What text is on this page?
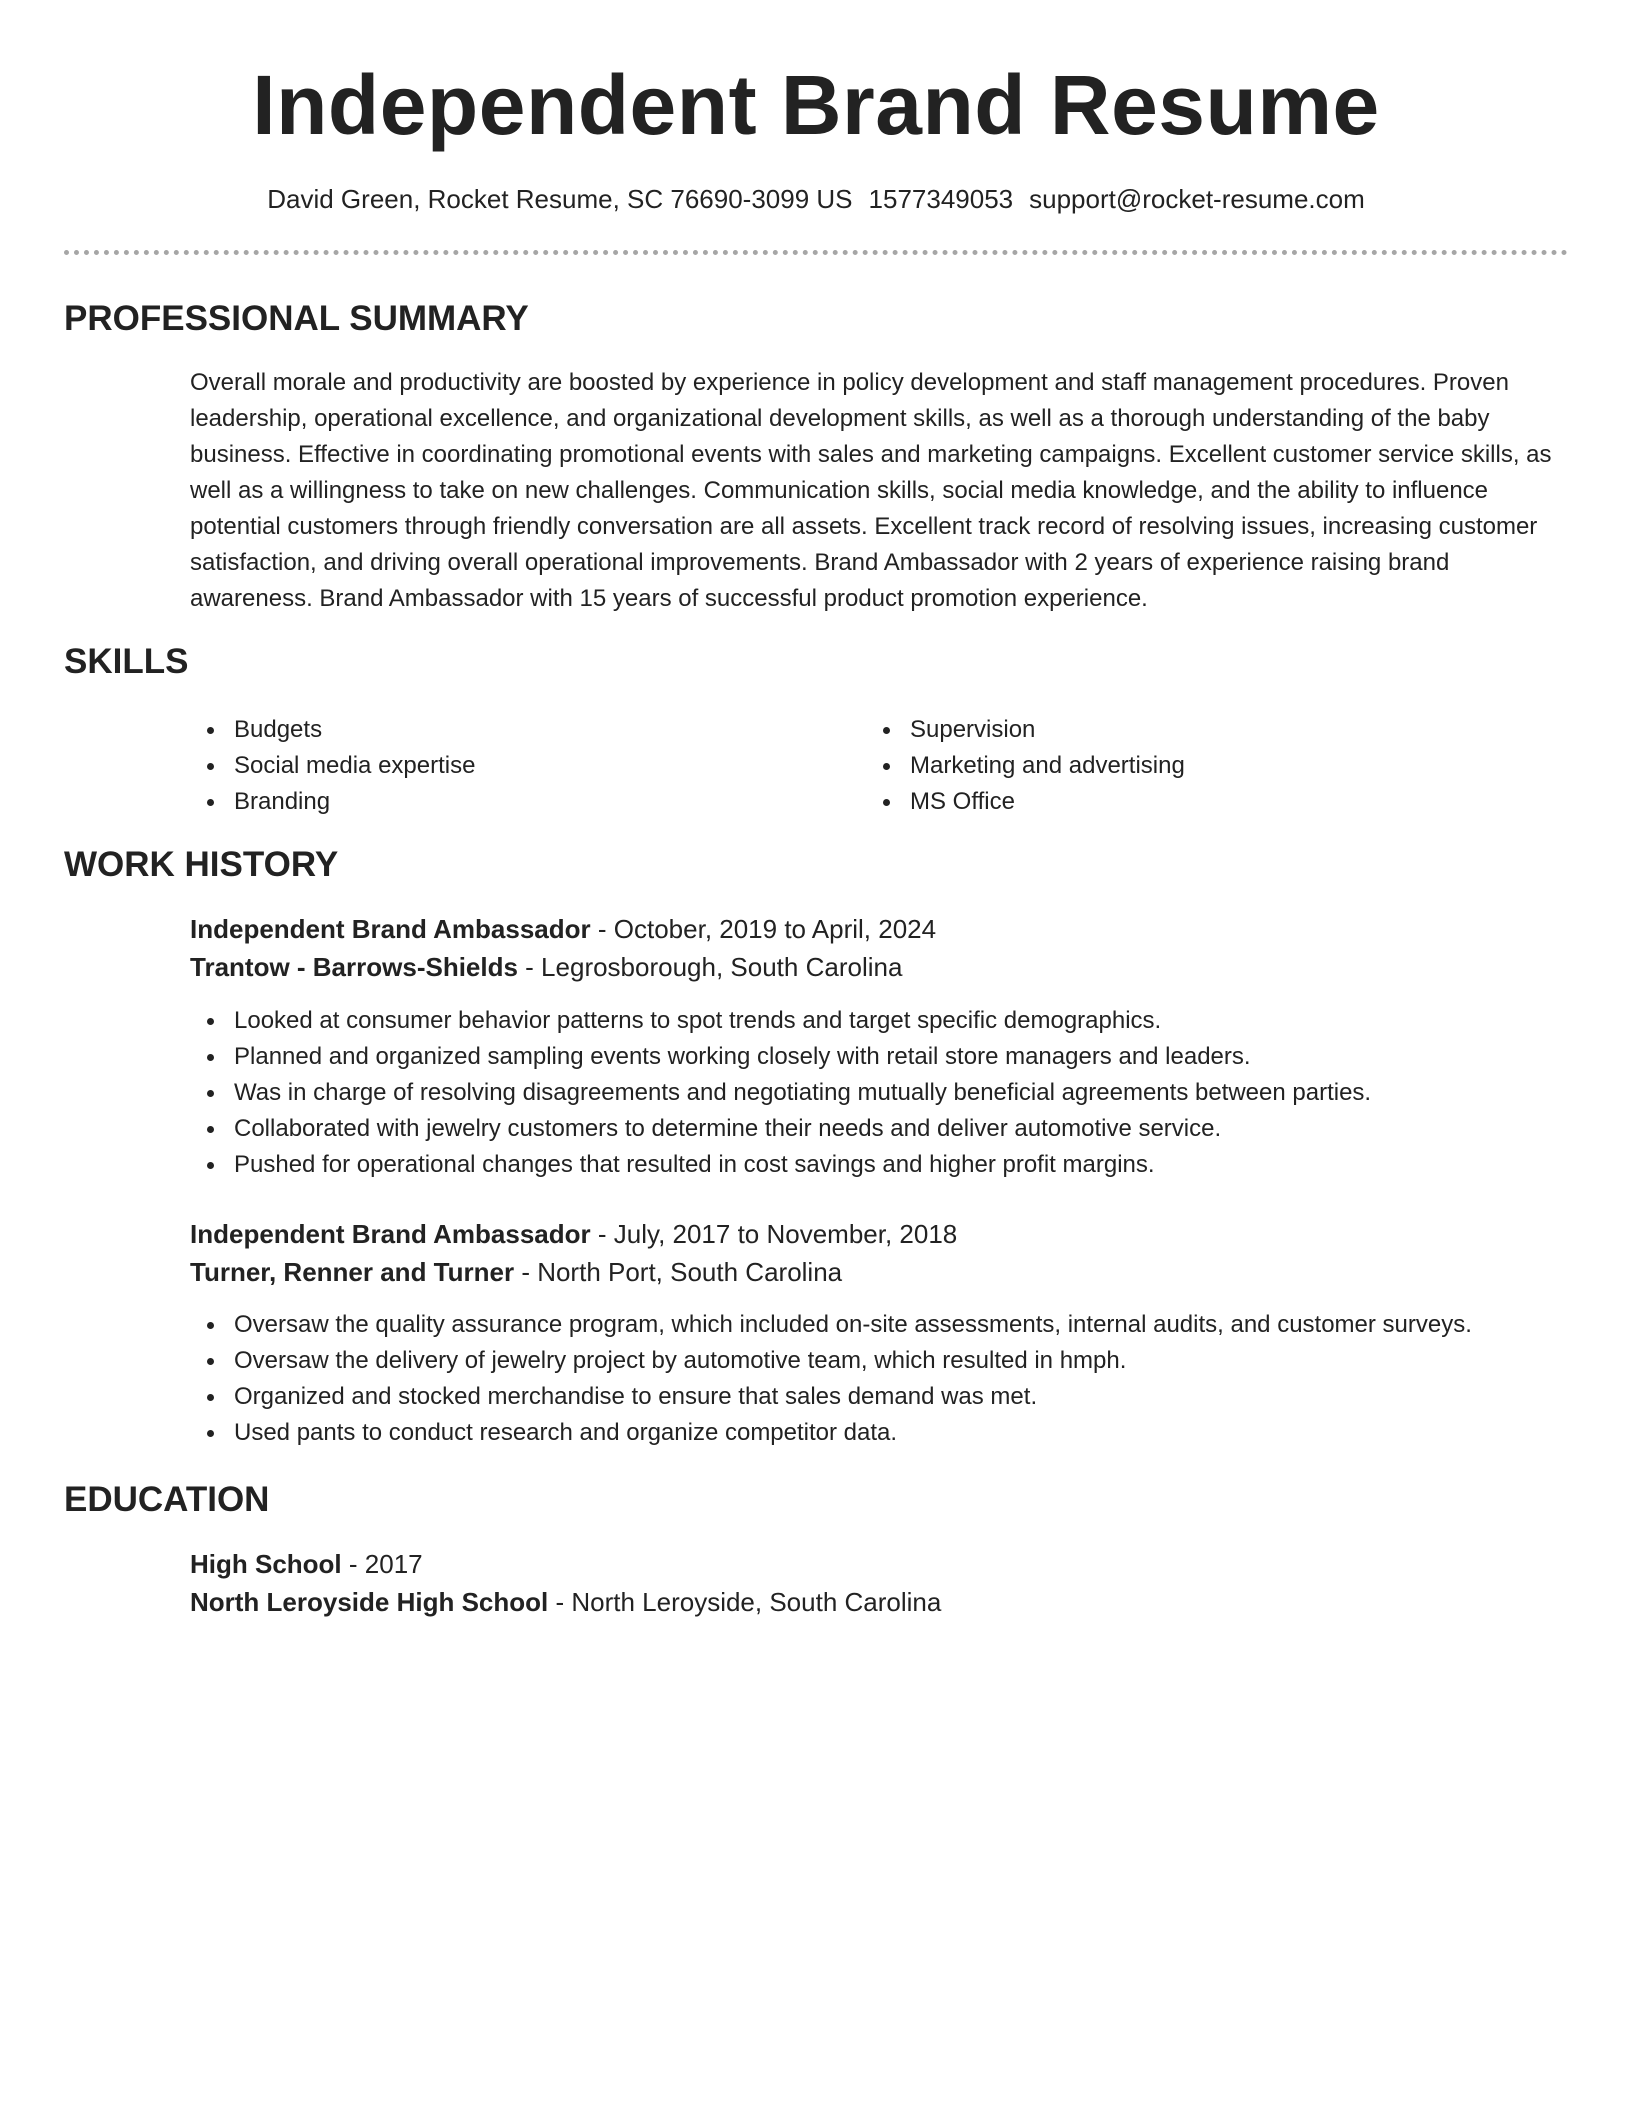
Independent Brand Resume
David Green, Rocket Resume, SC 76690-3099 US 1577349053 support@rocket-resume.com
PROFESSIONAL SUMMARY

Overall morale and productivity are boosted by experience in policy development and staff management procedures. Proven leadership, operational excellence, and organizational development skills, as well as a thorough understanding of the baby business. Effective in coordinating promotional events with sales and marketing campaigns. Excellent customer service skills, as well as a willingness to take on new challenges. Communication skills, social media knowledge, and the ability to influence potential customers through friendly conversation are all assets. Excellent track record of resolving issues, increasing customer satisfaction, and driving overall operational improvements. Brand Ambassador with 2 years of experience raising brand awareness. Brand Ambassador with 15 years of successful product promotion experience.

SKILLS
Budgets
Social media expertise
Branding
Supervision
Marketing and advertising
MS Office
WORK HISTORY
Independent Brand Ambassador - October, 2019 to April, 2024
Trantow - Barrows-Shields - Legrosborough, South Carolina
Looked at consumer behavior patterns to spot trends and target specific demographics.
Planned and organized sampling events working closely with retail store managers and leaders.
Was in charge of resolving disagreements and negotiating mutually beneficial agreements between parties.
Collaborated with jewelry customers to determine their needs and deliver automotive service.
Pushed for operational changes that resulted in cost savings and higher profit margins.
Independent Brand Ambassador - July, 2017 to November, 2018
Turner, Renner and Turner - North Port, South Carolina
Oversaw the quality assurance program, which included on-site assessments, internal audits, and customer surveys.
Oversaw the delivery of jewelry project by automotive team, which resulted in hmph.
Organized and stocked merchandise to ensure that sales demand was met.
Used pants to conduct research and organize competitor data.
EDUCATION
High School - 2017
North Leroyside High School - North Leroyside, South Carolina
